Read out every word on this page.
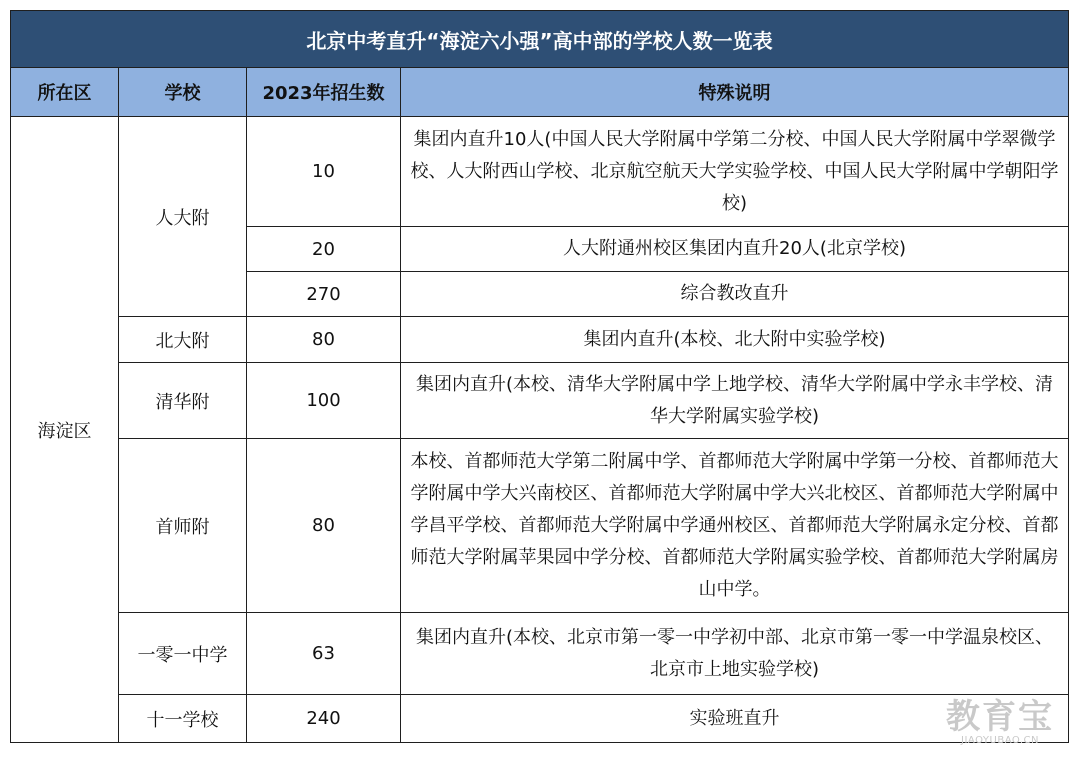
北京中考直升“海淀六小强”高中部的学校人数一览表			
所在区	学校	2023年招生数	特殊说明
海淀区	人大附	10	集团内直升10人(中国人民大学附属中学第二分校、中国人民大学附属中学翠微学校、人大附西山学校、北京航空航天大学实验学校、中国人民大学附属中学朝阳学校)
		20	人大附通州校区集团内直升20人(北京学校)
		270	综合教改直升
	北大附	80	集团内直升(本校、北大附中实验学校)
	清华附	100	集团内直升(本校、清华大学附属中学上地学校、清华大学附属中学永丰学校、清华大学附属实验学校)
	首师附	80	本校、首都师范大学第二附属中学、首都师范大学附属中学第一分校、首都师范大学附属中学大兴南校区、首都师范大学附属中学大兴北校区、首都师范大学附属中学昌平学校、首都师范大学附属中学通州校区、首都师范大学附属永定分校、首都师范大学附属苹果园中学分校、首都师范大学附属实验学校、首都师范大学附属房山中学。
	一零一中学	63	集团内直升(本校、北京市第一零一中学初中部、北京市第一零一中学温泉校区、北京市上地实验学校)
	十一学校	240	实验班直升	教育宝
JIAOYUBAO.CN
